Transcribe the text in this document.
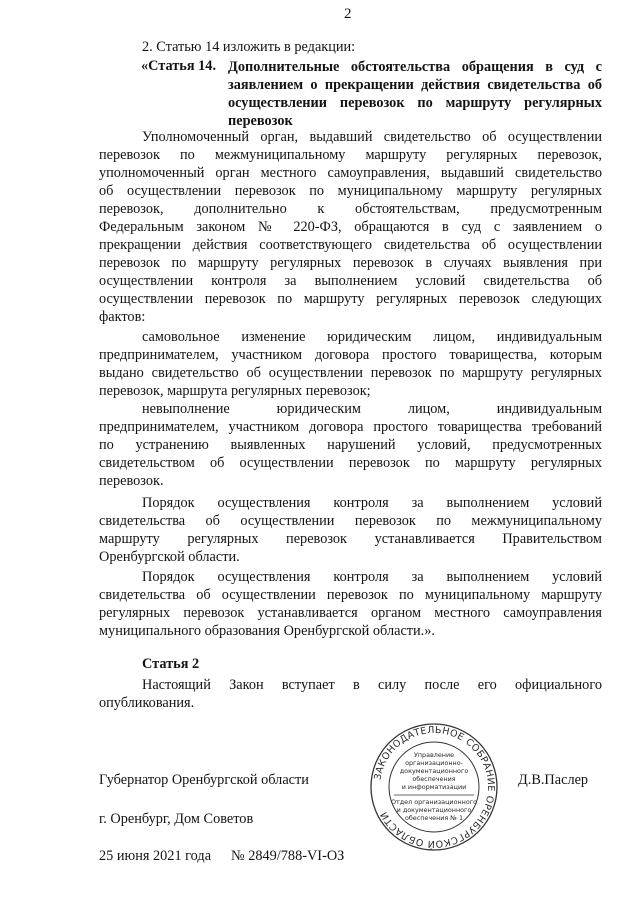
2
2. Статью 14 изложить в редакции:
«Статья 14. Дополнительные обстоятельства обращения в суд с
заявлением о прекращении действия свидетельства об
осуществлении перевозок по маршруту регулярных
перевозок
Уполномоченный орган, выдавший свидетельство об осуществлении
перевозок по межмуниципальному маршруту регулярных перевозок,
уполномоченный орган местного самоуправления, выдавший свидетельство
об осуществлении перевозок по муниципальному маршруту регулярных
перевозок, дополнительно к обстоятельствам, предусмотренным
Федеральным законом № 220-ФЗ, обращаются в суд с заявлением о
прекращении действия соответствующего свидетельства об осуществлении
перевозок по маршруту регулярных перевозок в случаях выявления при
осуществлении контроля за выполнением условий свидетельства об
осуществлении перевозок по маршруту регулярных перевозок следующих
фактов:
самовольное изменение юридическим лицом, индивидуальным
предпринимателем, участником договора простого товарищества, которым
выдано свидетельство об осуществлении перевозок по маршруту регулярных
перевозок, маршрута регулярных перевозок;
невыполнение юридическим лицом, индивидуальным
предпринимателем, участником договора простого товарищества требований
по устранению выявленных нарушений условий, предусмотренных
свидетельством об осуществлении перевозок по маршруту регулярных
перевозок.
Порядок осуществления контроля за выполнением условий
свидетельства об осуществлении перевозок по межмуниципальному
маршруту регулярных перевозок устанавливается Правительством
Оренбургской области.
Порядок осуществления контроля за выполнением условий
свидетельства об осуществлении перевозок по муниципальному маршруту
регулярных перевозок устанавливается органом местного самоуправления
муниципального образования Оренбургской области.».
Статья 2
Настоящий Закон вступает в силу после его официального
опубликования.
Губернатор Оренбургской области	Д.В.Паслер
г. Оренбург, Дом Советов
25 июня 2021 года № 2849/788-VI-ОЗ
ЗАКОНОДАТЕЛЬНОЕ СОБРАНИЕ ОРЕНБУРГСКОЙ ОБЛАСТИ
Управление
организационно-
документационного
обеспечения
и информатизации
Отдел организационного
и документационного
обеспечения № 1
